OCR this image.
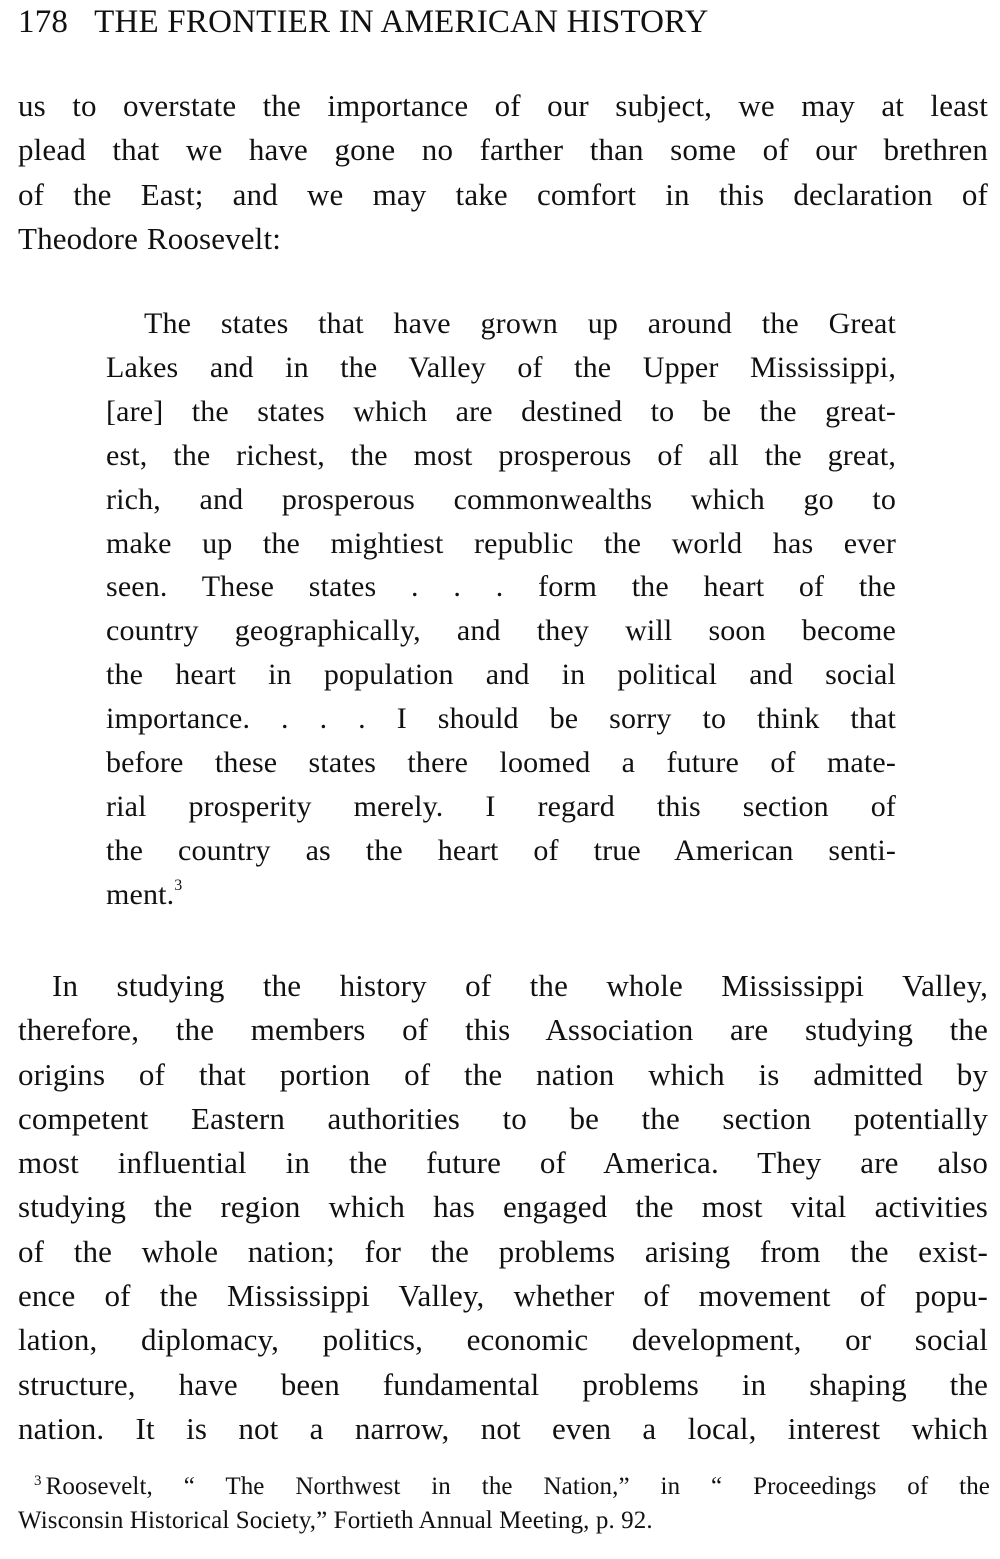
178 THE FRONTIER IN AMERICAN HISTORY
us to overstate the importance of our subject, we may at least
plead that we have gone no farther than some of our brethren
of the East; and we may take comfort in this declaration of
Theodore Roosevelt:
The states that have grown up around the Great
Lakes and in the Valley of the Upper Mississippi,
[are] the states which are destined to be the great-
est, the richest, the most prosperous of all the great,
rich, and prosperous commonwealths which go to
make up the mightiest republic the world has ever
seen. These states . . . form the heart of the
country geographically, and they will soon become
the heart in population and in political and social
importance. . . . I should be sorry to think that
before these states there loomed a future of mate-
rial prosperity merely. I regard this section of
the country as the heart of true American senti-
ment.$^3$
In studying the history of the whole Mississippi Valley,
therefore, the members of this Association are studying the
origins of that portion of the nation which is admitted by
competent Eastern authorities to be the section potentially
most influential in the future of America. They are also
studying the region which has engaged the most vital activities
of the whole nation; for the problems arising from the exist-
ence of the Mississippi Valley, whether of movement of popu-
lation, diplomacy, politics, economic development, or social
structure, have been fundamental problems in shaping the
nation. It is not a narrow, not even a local, interest which
$^3$ Roosevelt, “ The Northwest in the Nation,” in “ Proceedings of the
Wisconsin Historical Society,” Fortieth Annual Meeting, p. 92.
